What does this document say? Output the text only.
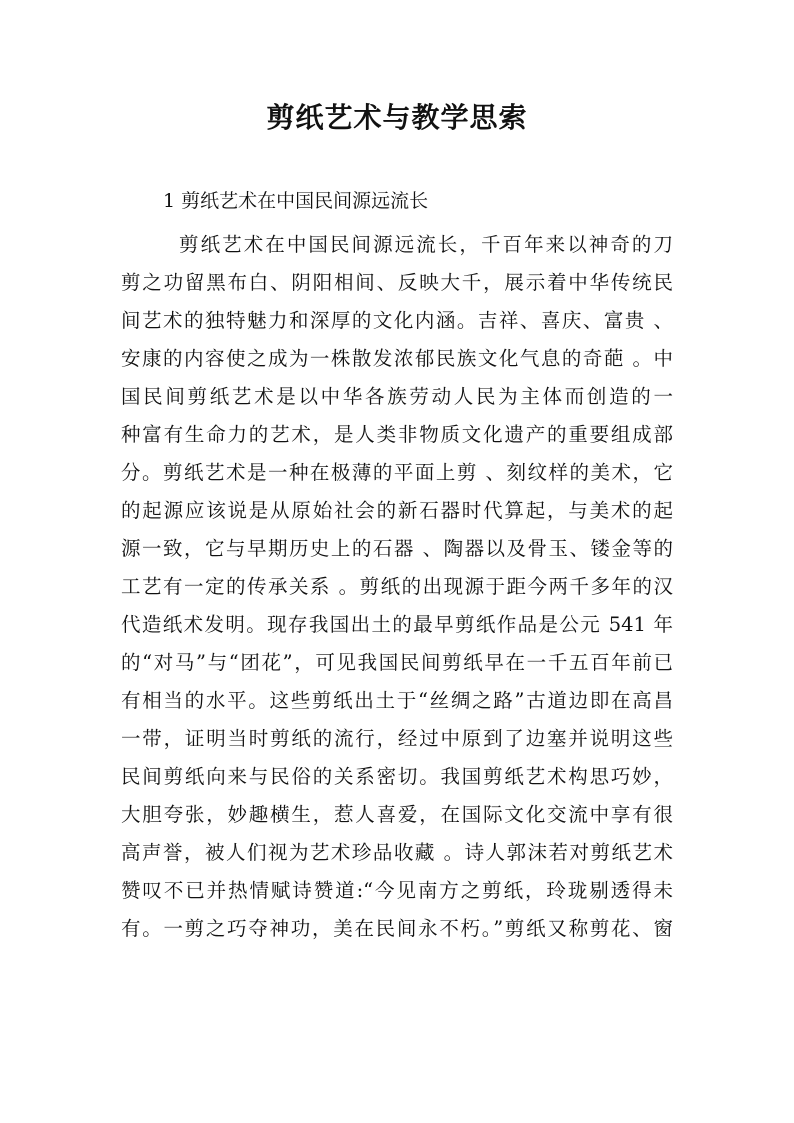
剪纸艺术与教学思索
1 剪纸艺术在中国民间源远流长
剪纸艺术在中国民间源远流长，千百年来以神奇的刀
剪之功留黑布白、阴阳相间、反映大千，展示着中华传统民
间艺术的独特魅力和深厚的文化内涵。吉祥、喜庆、富贵 、
安康的内容使之成为一株散发浓郁民族文化气息的奇葩 。中
国民间剪纸艺术是以中华各族劳动人民为主体而创造的一
种富有生命力的艺术，是人类非物质文化遗产的重要组成部
分。剪纸艺术是一种在极薄的平面上剪 、刻纹样的美术，它
的起源应该说是从原始社会的新石器时代算起，与美术的起
源一致，它与早期历史上的石器 、陶器以及骨玉、镂金等的
工艺有一定的传承关系 。剪纸的出现源于距今两千多年的汉
代造纸术发明。现存我国出土的最早剪纸作品是公元 541 年
的“对马”与“团花”，可见我国民间剪纸早在一千五百年前已
有相当的水平。这些剪纸出土于“丝绸之路”古道边即在高昌
一带，证明当时剪纸的流行，经过中原到了边塞并说明这些
民间剪纸向来与民俗的关系密切。我国剪纸艺术构思巧妙，
大胆夸张，妙趣横生，惹人喜爱，在国际文化交流中享有很
高声誉，被人们视为艺术珍品收藏 。诗人郭沫若对剪纸艺术
赞叹不已并热情赋诗赞道:“今见南方之剪纸，玲珑剔透得未
有。一剪之巧夺神功，美在民间永不朽。”剪纸又称剪花、窗
